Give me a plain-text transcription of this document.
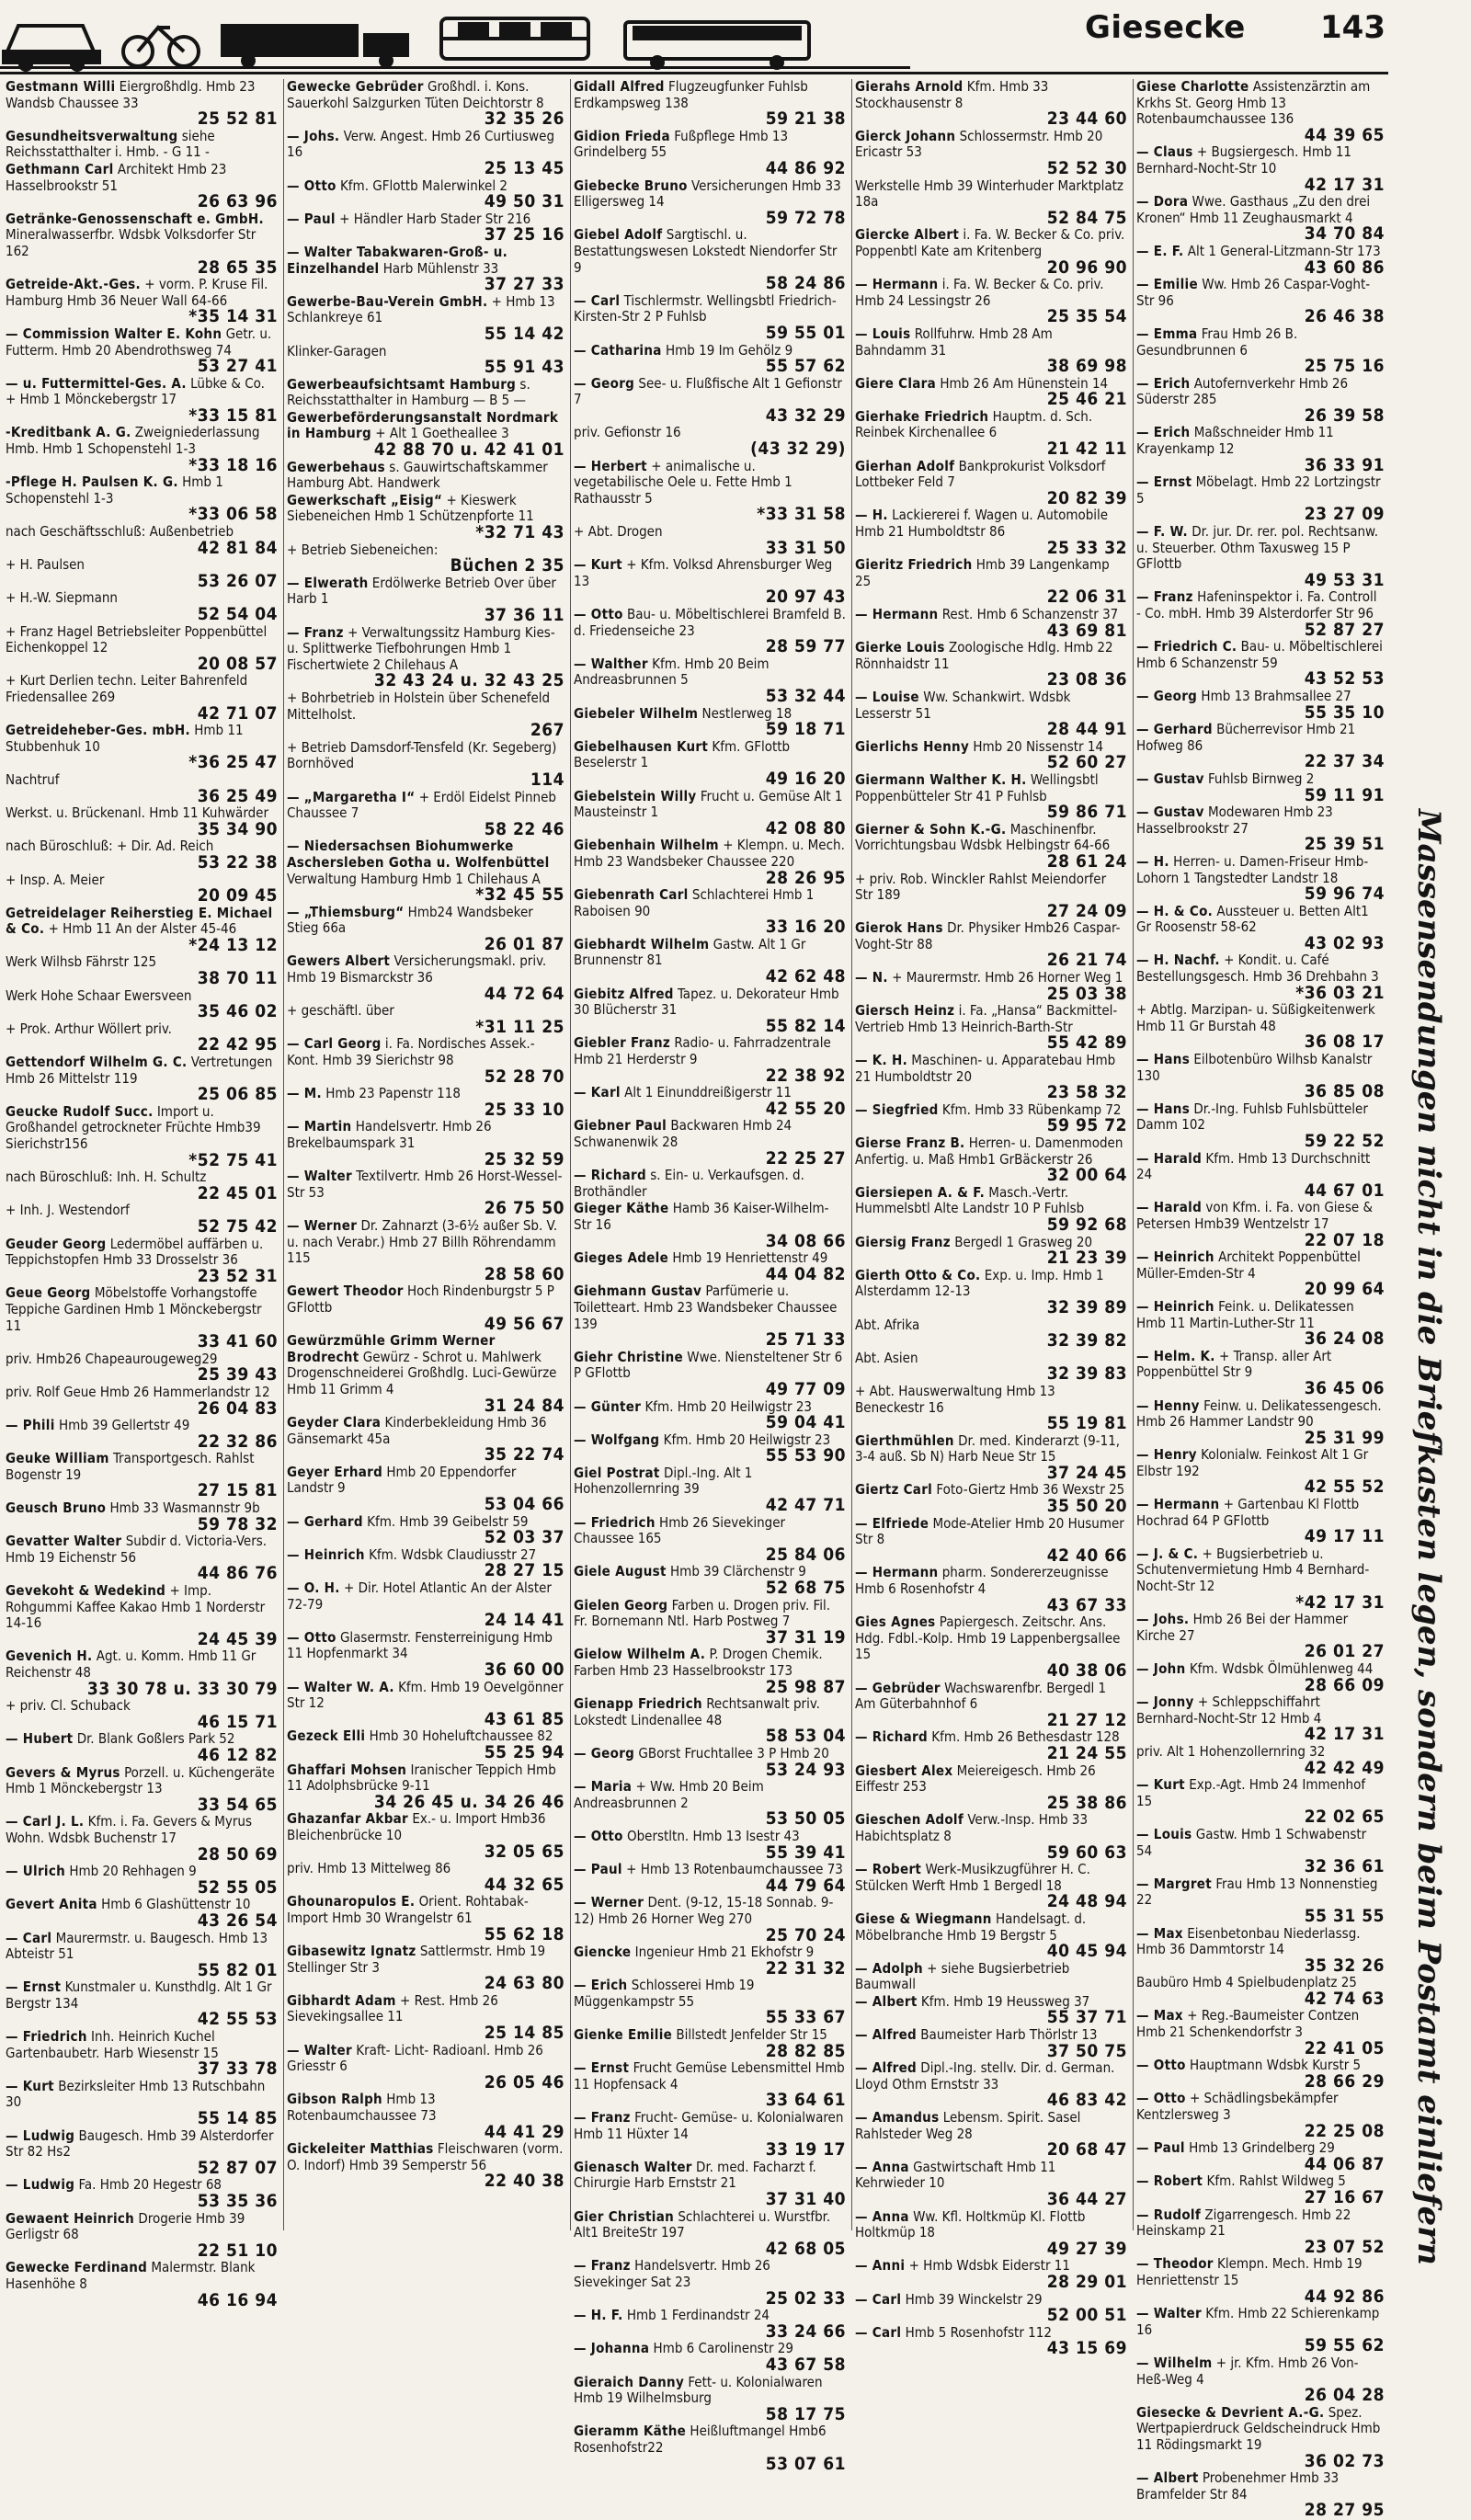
Giesecke 143
Gestmann Willi Eiergroßhdlg. Hmb 23 Wandsb Chaussee 33
25 52 81
Gesundheitsverwaltung siehe Reichsstatthalter i. Hmb. - G 11 -
Gethmann Carl Architekt Hmb 23 Hasselbrookstr 51
26 63 96
Getränke-Genossenschaft e. GmbH. Mineralwasserfbr. Wdsbk Volksdorfer Str 162
28 65 35
Getreide-Akt.-Ges. + vorm. P. Kruse Fil. Hamburg Hmb 36 Neuer Wall 64-66
*35 14 31
— Commission Walter E. Kohn Getr. u. Futterm. Hmb 20 Abendrothsweg 74
53 27 41
— u. Futtermittel-Ges. A. Lübke & Co. + Hmb 1 Mönckebergstr 17
*33 15 81
-Kreditbank A. G. Zweigniederlassung Hmb. Hmb 1 Schopenstehl 1-3
*33 18 16
-Pflege H. Paulsen K. G. Hmb 1 Schopenstehl 1-3
*33 06 58
nach Geschäftsschluß: Außenbetrieb
42 81 84
+ H. Paulsen
53 26 07
+ H.-W. Siepmann
52 54 04
+ Franz Hagel Betriebsleiter Poppenbüttel Eichenkoppel 12
20 08 57
+ Kurt Derlien techn. Leiter Bahrenfeld Friedensallee 269
42 71 07
Getreideheber-Ges. mbH. Hmb 11 Stubbenhuk 10
*36 25 47
Nachtruf
36 25 49
Werkst. u. Brückenanl. Hmb 11 Kuhwärder
35 34 90
nach Büroschluß: + Dir. Ad. Reich
53 22 38
+ Insp. A. Meier
20 09 45
Getreidelager Reiherstieg E. Michael & Co. + Hmb 11 An der Alster 45-46
*24 13 12
Werk Wilhsb Fährstr 125
38 70 11
Werk Hohe Schaar Ewersveen
35 46 02
+ Prok. Arthur Wöllert priv.
22 42 95
Gettendorf Wilhelm G. C. Vertretungen Hmb 26 Mittelstr 119
25 06 85
Geucke Rudolf Succ. Import u. Großhandel getrockneter Früchte Hmb39 Sierichstr156
*52 75 41
nach Büroschluß: Inh. H. Schultz
22 45 01
+ Inh. J. Westendorf
52 75 42
Geuder Georg Ledermöbel auffärben u. Teppichstopfen Hmb 33 Drosselstr 36
23 52 31
Geue Georg Möbelstoffe Vorhangstoffe Teppiche Gardinen Hmb 1 Mönckebergstr 11
33 41 60
priv. Hmb26 Chapeaurougeweg29
25 39 43
priv. Rolf Geue Hmb 26 Hammerlandstr 12
26 04 83
— Phili Hmb 39 Gellertstr 49
22 32 86
Geuke William Transportgesch. Rahlst Bogenstr 19
27 15 81
Geusch Bruno Hmb 33 Wasmannstr 9b
59 78 32
Gevatter Walter Subdir d. Victoria-Vers. Hmb 19 Eichenstr 56
44 86 76
Gevekoht & Wedekind + Imp. Rohgummi Kaffee Kakao Hmb 1 Norderstr 14-16
24 45 39
Gevenich H. Agt. u. Komm. Hmb 11 Gr Reichenstr 48
33 30 78 u. 33 30 79
+ priv. Cl. Schuback
46 15 71
— Hubert Dr. Blank Goßlers Park 52
46 12 82
Gevers & Myrus Porzell. u. Küchengeräte Hmb 1 Mönckebergstr 13
33 54 65
— Carl J. L. Kfm. i. Fa. Gevers & Myrus Wohn. Wdsbk Buchenstr 17
28 50 69
— Ulrich Hmb 20 Rehhagen 9
52 55 05
Gevert Anita Hmb 6 Glashüttenstr 10
43 26 54
— Carl Maurermstr. u. Baugesch. Hmb 13 Abteistr 51
55 82 01
— Ernst Kunstmaler u. Kunsthdlg. Alt 1 Gr Bergstr 134
42 55 53
— Friedrich Inh. Heinrich Kuchel Gartenbaubetr. Harb Wiesenstr 15
37 33 78
— Kurt Bezirksleiter Hmb 13 Rutschbahn 30
55 14 85
— Ludwig Baugesch. Hmb 39 Alsterdorfer Str 82 Hs2
52 87 07
— Ludwig Fa. Hmb 20 Hegestr 68
53 35 36
Gewaent Heinrich Drogerie Hmb 39 Gerligstr 68
22 51 10
Gewecke Ferdinand Malermstr. Blank Hasenhöhe 8
46 16 94
Gewecke Gebrüder Großhdl. i. Kons. Sauerkohl Salzgurken Tüten Deichtorstr 8
32 35 26
— Johs. Verw. Angest. Hmb 26 Curtiusweg 16
25 13 45
— Otto Kfm. GFlottb Malerwinkel 2
49 50 31
— Paul + Händler Harb Stader Str 216
37 25 16
— Walter Tabakwaren-Groß- u. Einzelhandel Harb Mühlenstr 33
37 27 33
Gewerbe-Bau-Verein GmbH. + Hmb 13 Schlankreye 61
55 14 42
Klinker-Garagen
55 91 43
Gewerbeaufsichtsamt Hamburg s. Reichsstatthalter in Hamburg — B 5 —
Gewerbeförderungsanstalt Nordmark in Hamburg + Alt 1 Goetheallee 3
42 88 70 u. 42 41 01
Gewerbehaus s. Gauwirtschaftskammer Hamburg Abt. Handwerk
Gewerkschaft „Eisig“ + Kieswerk Siebeneichen Hmb 1 Schützenpforte 11
*32 71 43
+ Betrieb Siebeneichen:
Büchen 2 35
— Elwerath Erdölwerke Betrieb Over über Harb 1
37 36 11
— Franz + Verwaltungssitz Hamburg Kies- u. Splittwerke Tiefbohrungen Hmb 1 Fischertwiete 2 Chilehaus A
32 43 24 u. 32 43 25
+ Bohrbetrieb in Holstein über Schenefeld Mittelholst.
267
+ Betrieb Damsdorf-Tensfeld (Kr. Segeberg) Bornhöved
114
— „Margaretha I“ + Erdöl Eidelst Pinneb Chaussee 7
58 22 46
— Niedersachsen Biohumwerke Aschersleben Gotha u. Wolfenbüttel Verwaltung Hamburg Hmb 1 Chilehaus A
*32 45 55
— „Thiemsburg“ Hmb24 Wandsbeker Stieg 66a
26 01 87
Gewers Albert Versicherungsmakl. priv. Hmb 19 Bismarckstr 36
44 72 64
+ geschäftl. über
*31 11 25
— Carl Georg i. Fa. Nordisches Assek.-Kont. Hmb 39 Sierichstr 98
52 28 70
— M. Hmb 23 Papenstr 118
25 33 10
— Martin Handelsvertr. Hmb 26 Brekelbaumspark 31
25 32 59
— Walter Textilvertr. Hmb 26 Horst-Wessel-Str 53
26 75 50
— Werner Dr. Zahnarzt (3-6½ außer Sb. V. u. nach Verabr.) Hmb 27 Billh Röhrendamm 115
28 58 60
Gewert Theodor Hoch Rindenburgstr 5 P GFlottb
49 56 67
Gewürzmühle Grimm Werner Brodrecht Gewürz - Schrot u. Mahlwerk Drogenschneiderei Großhdlg. Luci-Gewürze Hmb 11 Grimm 4
31 24 84
Geyder Clara Kinderbekleidung Hmb 36 Gänsemarkt 45a
35 22 74
Geyer Erhard Hmb 20 Eppendorfer Landstr 9
53 04 66
— Gerhard Kfm. Hmb 39 Geibelstr 59
52 03 37
— Heinrich Kfm. Wdsbk Claudiusstr 27
28 27 15
— O. H. + Dir. Hotel Atlantic An der Alster 72-79
24 14 41
— Otto Glasermstr. Fensterreinigung Hmb 11 Hopfenmarkt 34
36 60 00
— Walter W. A. Kfm. Hmb 19 Oevelgönner Str 12
43 61 85
Gezeck Elli Hmb 30 Hoheluftchaussee 82
55 25 94
Ghaffari Mohsen Iranischer Teppich Hmb 11 Adolphsbrücke 9-11
34 26 45 u. 34 26 46
Ghazanfar Akbar Ex.- u. Import Hmb36 Bleichenbrücke 10
32 05 65
priv. Hmb 13 Mittelweg 86
44 32 65
Ghounaropulos E. Orient. Rohtabak-Import Hmb 30 Wrangelstr 61
55 62 18
Gibasewitz Ignatz Sattlermstr. Hmb 19 Stellinger Str 3
24 63 80
Gibhardt Adam + Rest. Hmb 26 Sievekingsallee 11
25 14 85
— Walter Kraft- Licht- Radioanl. Hmb 26 Griesstr 6
26 05 46
Gibson Ralph Hmb 13 Rotenbaumchaussee 73
44 41 29
Gickeleiter Matthias Fleischwaren (vorm. O. Indorf) Hmb 39 Semperstr 56
22 40 38
Gidall Alfred Flugzeugfunker Fuhlsb Erdkampsweg 138
59 21 38
Gidion Frieda Fußpflege Hmb 13 Grindelberg 55
44 86 92
Giebecke Bruno Versicherungen Hmb 33 Elligersweg 14
59 72 78
Giebel Adolf Sargtischl. u. Bestattungswesen Lokstedt Niendorfer Str 9
58 24 86
— Carl Tischlermstr. Wellingsbtl Friedrich-Kirsten-Str 2 P Fuhlsb
59 55 01
— Catharina Hmb 19 Im Gehölz 9
55 57 62
— Georg See- u. Flußfische Alt 1 Gefionstr 7
43 32 29
priv. Gefionstr 16
(43 32 29)
— Herbert + animalische u. vegetabilische Oele u. Fette Hmb 1 Rathausstr 5
*33 31 58
+ Abt. Drogen
33 31 50
— Kurt + Kfm. Volksd Ahrensburger Weg 13
20 97 43
— Otto Bau- u. Möbeltischlerei Bramfeld B. d. Friedenseiche 23
28 59 77
— Walther Kfm. Hmb 20 Beim Andreasbrunnen 5
53 32 44
Giebeler Wilhelm Nestlerweg 18
59 18 71
Giebelhausen Kurt Kfm. GFlottb Beselerstr 1
49 16 20
Giebelstein Willy Frucht u. Gemüse Alt 1 Mausteinstr 1
42 08 80
Giebenhain Wilhelm + Klempn. u. Mech. Hmb 23 Wandsbeker Chaussee 220
28 26 95
Giebenrath Carl Schlachterei Hmb 1 Raboisen 90
33 16 20
Giebhardt Wilhelm Gastw. Alt 1 Gr Brunnenstr 81
42 62 48
Giebitz Alfred Tapez. u. Dekorateur Hmb 30 Blücherstr 31
55 82 14
Giebler Franz Radio- u. Fahrradzentrale Hmb 21 Herderstr 9
22 38 92
— Karl Alt 1 Einunddreißigerstr 11
42 55 20
Giebner Paul Backwaren Hmb 24 Schwanenwik 28
22 25 27
— Richard s. Ein- u. Verkaufsgen. d. Brothändler
Gieger Käthe Hamb 36 Kaiser-Wilhelm-Str 16
34 08 66
Gieges Adele Hmb 19 Henriettenstr 49
44 04 82
Giehmann Gustav Parfümerie u. Toiletteart. Hmb 23 Wandsbeker Chaussee 139
25 71 33
Giehr Christine Wwe. Niensteltener Str 6 P GFlottb
49 77 09
— Günter Kfm. Hmb 20 Heilwigstr 23
59 04 41
— Wolfgang Kfm. Hmb 20 Heilwigstr 23
55 53 90
Giel Postrat Dipl.-Ing. Alt 1 Hohenzollernring 39
42 47 71
— Friedrich Hmb 26 Sievekinger Chaussee 165
25 84 06
Giele August Hmb 39 Clärchenstr 9
52 68 75
Gielen Georg Farben u. Drogen priv. Fil. Fr. Bornemann Ntl. Harb Postweg 7
37 31 19
Gielow Wilhelm A. P. Drogen Chemik. Farben Hmb 23 Hasselbrookstr 173
25 98 87
Gienapp Friedrich Rechtsanwalt priv. Lokstedt Lindenallee 48
58 53 04
— Georg GBorst Fruchtallee 3 P Hmb 20
53 24 93
— Maria + Ww. Hmb 20 Beim Andreasbrunnen 2
53 50 05
— Otto Oberstltn. Hmb 13 Isestr 43
55 39 41
— Paul + Hmb 13 Rotenbaumchaussee 73
44 79 64
— Werner Dent. (9-12, 15-18 Sonnab. 9-12) Hmb 26 Horner Weg 270
25 70 24
Giencke Ingenieur Hmb 21 Ekhofstr 9
22 31 32
— Erich Schlosserei Hmb 19 Müggenkampstr 55
55 33 67
Gienke Emilie Billstedt Jenfelder Str 15
28 82 85
— Ernst Frucht Gemüse Lebensmittel Hmb 11 Hopfensack 4
33 64 61
— Franz Frucht- Gemüse- u. Kolonialwaren Hmb 11 Hüxter 14
33 19 17
Gienasch Walter Dr. med. Facharzt f. Chirurgie Harb Ernststr 21
37 31 40
Gier Christian Schlachterei u. Wurstfbr. Alt1 BreiteStr 197
42 68 05
— Franz Handelsvertr. Hmb 26 Sievekinger Sat 23
25 02 33
— H. F. Hmb 1 Ferdinandstr 24
33 24 66
— Johanna Hmb 6 Carolinenstr 29
43 67 58
Gieraich Danny Fett- u. Kolonialwaren Hmb 19 Wilhelmsburg
58 17 75
Gieramm Käthe Heißluftmangel Hmb6 Rosenhofstr22
53 07 61
Gierahs Arnold Kfm. Hmb 33 Stockhausenstr 8
23 44 60
Gierck Johann Schlossermstr. Hmb 20 Ericastr 53
52 52 30
Werkstelle Hmb 39 Winterhuder Marktplatz 18a
52 84 75
Giercke Albert i. Fa. W. Becker & Co. priv. Poppenbtl Kate am Kritenberg
20 96 90
— Hermann i. Fa. W. Becker & Co. priv. Hmb 24 Lessingstr 26
25 35 54
— Louis Rollfuhrw. Hmb 28 Am Bahndamm 31
38 69 98
Giere Clara Hmb 26 Am Hünenstein 14
25 46 21
Gierhake Friedrich Hauptm. d. Sch. Reinbek Kirchenallee 6
21 42 11
Gierhan Adolf Bankprokurist Volksdorf Lottbeker Feld 7
20 82 39
— H. Lackiererei f. Wagen u. Automobile Hmb 21 Humboldtstr 86
25 33 32
Gieritz Friedrich Hmb 39 Langenkamp 25
22 06 31
— Hermann Rest. Hmb 6 Schanzenstr 37
43 69 81
Gierke Louis Zoologische Hdlg. Hmb 22 Rönnhaidstr 11
23 08 36
— Louise Ww. Schankwirt. Wdsbk Lesserstr 51
28 44 91
Gierlichs Henny Hmb 20 Nissenstr 14
52 60 27
Giermann Walther K. H. Wellingsbtl Poppenbütteler Str 41 P Fuhlsb
59 86 71
Gierner & Sohn K.-G. Maschinenfbr. Vorrichtungsbau Wdsbk Helbingstr 64-66
28 61 24
+ priv. Rob. Winckler Rahlst Meiendorfer Str 189
27 24 09
Gierok Hans Dr. Physiker Hmb26 Caspar-Voght-Str 88
26 21 74
— N. + Maurermstr. Hmb 26 Horner Weg 1
25 03 38
Giersch Heinz i. Fa. „Hansa“ Backmittel-Vertrieb Hmb 13 Heinrich-Barth-Str
55 42 89
— K. H. Maschinen- u. Apparatebau Hmb 21 Humboldtstr 20
23 58 32
— Siegfried Kfm. Hmb 33 Rübenkamp 72
59 95 72
Gierse Franz B. Herren- u. Damenmoden Anfertig. u. Maß Hmb1 GrBäckerstr 26
32 00 64
Giersiepen A. & F. Masch.-Vertr. Hummelsbtl Alte Landstr 10 P Fuhlsb
59 92 68
Giersig Franz Bergedl 1 Grasweg 20
21 23 39
Gierth Otto & Co. Exp. u. Imp. Hmb 1 Alsterdamm 12-13
32 39 89
Abt. Afrika
32 39 82
Abt. Asien
32 39 83
+ Abt. Hauswerwaltung Hmb 13 Beneckestr 16
55 19 81
Gierthmühlen Dr. med. Kinderarzt (9-11, 3-4 auß. Sb N) Harb Neue Str 15
37 24 45
Giertz Carl Foto-Giertz Hmb 36 Wexstr 25
35 50 20
— Elfriede Mode-Atelier Hmb 20 Husumer Str 8
42 40 66
— Hermann pharm. Sondererzeugnisse Hmb 6 Rosenhofstr 4
43 67 33
Gies Agnes Papiergesch. Zeitschr. Ans. Hdg. Fdbl.-Kolp. Hmb 19 Lappenbergsallee 15
40 38 06
— Gebrüder Wachswarenfbr. Bergedl 1 Am Güterbahnhof 6
21 27 12
— Richard Kfm. Hmb 26 Bethesdastr 128
21 24 55
Giesbert Alex Meiereigesch. Hmb 26 Eiffestr 253
25 38 86
Gieschen Adolf Verw.-Insp. Hmb 33 Habichtsplatz 8
59 60 63
— Robert Werk-Musikzugführer H. C. Stülcken Werft Hmb 1 Bergedl 18
24 48 94
Giese & Wiegmann Handelsagt. d. Möbelbranche Hmb 19 Bergstr 5
40 45 94
— Adolph + siehe Bugsierbetrieb Baumwall
— Albert Kfm. Hmb 19 Heussweg 37
55 37 71
— Alfred Baumeister Harb Thörlstr 13
37 50 75
— Alfred Dipl.-Ing. stellv. Dir. d. German. Lloyd Othm Ernststr 33
46 83 42
— Amandus Lebensm. Spirit. Sasel Rahlsteder Weg 28
20 68 47
— Anna Gastwirtschaft Hmb 11 Kehrwieder 10
36 44 27
— Anna Ww. Kfl. Holtkmüp Kl. Flottb Holtkmüp 18
49 27 39
— Anni + Hmb Wdsbk Eiderstr 11
28 29 01
— Carl Hmb 39 Winckelstr 29
52 00 51
— Carl Hmb 5 Rosenhofstr 112
43 15 69
Giese Charlotte Assistenzärztin am Krkhs St. Georg Hmb 13 Rotenbaumchaussee 136
44 39 65
— Claus + Bugsiergesch. Hmb 11 Bernhard-Nocht-Str 10
42 17 31
— Dora Wwe. Gasthaus „Zu den drei Kronen“ Hmb 11 Zeughausmarkt 4
34 70 84
— E. F. Alt 1 General-Litzmann-Str 173
43 60 86
— Emilie Ww. Hmb 26 Caspar-Voght-Str 96
26 46 38
— Emma Frau Hmb 26 B. Gesundbrunnen 6
25 75 16
— Erich Autofernverkehr Hmb 26 Süderstr 285
26 39 58
— Erich Maßschneider Hmb 11 Krayenkamp 12
36 33 91
— Ernst Möbelagt. Hmb 22 Lortzingstr 5
23 27 09
— F. W. Dr. jur. Dr. rer. pol. Rechtsanw. u. Steuerber. Othm Taxusweg 15 P GFlottb
49 53 31
— Franz Hafeninspektor i. Fa. Controll - Co. mbH. Hmb 39 Alsterdorfer Str 96
52 87 27
— Friedrich C. Bau- u. Möbeltischlerei Hmb 6 Schanzenstr 59
43 52 53
— Georg Hmb 13 Brahmsallee 27
55 35 10
— Gerhard Bücherrevisor Hmb 21 Hofweg 86
22 37 34
— Gustav Fuhlsb Birnweg 2
59 11 91
— Gustav Modewaren Hmb 23 Hasselbrookstr 27
25 39 51
— H. Herren- u. Damen-Friseur Hmb-Lohorn 1 Tangstedter Landstr 18
59 96 74
— H. & Co. Aussteuer u. Betten Alt1 Gr Roosenstr 58-62
43 02 93
— H. Nachf. + Kondit. u. Café Bestellungsgesch. Hmb 36 Drehbahn 3
*36 03 21
+ Abtlg. Marzipan- u. Süßigkeitenwerk Hmb 11 Gr Burstah 48
36 08 17
— Hans Eilbotenbüro Wilhsb Kanalstr 130
36 85 08
— Hans Dr.-Ing. Fuhlsb Fuhlsbütteler Damm 102
59 22 52
— Harald Kfm. Hmb 13 Durchschnitt 24
44 67 01
— Harald von Kfm. i. Fa. von Giese & Petersen Hmb39 Wentzelstr 17
22 07 18
— Heinrich Architekt Poppenbüttel Müller-Emden-Str 4
20 99 64
— Heinrich Feink. u. Delikatessen Hmb 11 Martin-Luther-Str 11
36 24 08
— Helm. K. + Transp. aller Art Poppenbüttel Str 9
36 45 06
— Henny Feinw. u. Delikatessengesch. Hmb 26 Hammer Landstr 90
25 31 99
— Henry Kolonialw. Feinkost Alt 1 Gr Elbstr 192
42 55 52
— Hermann + Gartenbau Kl Flottb Hochrad 64 P GFlottb
49 17 11
— J. & C. + Bugsierbetrieb u. Schutenvermietung Hmb 4 Bernhard-Nocht-Str 12
*42 17 31
— Johs. Hmb 26 Bei der Hammer Kirche 27
26 01 27
— John Kfm. Wdsbk Ölmühlenweg 44
28 66 09
— Jonny + Schleppschiffahrt Bernhard-Nocht-Str 12 Hmb 4
42 17 31
priv. Alt 1 Hohenzollernring 32
42 42 49
— Kurt Exp.-Agt. Hmb 24 Immenhof 15
22 02 65
— Louis Gastw. Hmb 1 Schwabenstr 54
32 36 61
— Margret Frau Hmb 13 Nonnenstieg 22
55 31 55
— Max Eisenbetonbau Niederlassg. Hmb 36 Dammtorstr 14
35 32 26
Baubüro Hmb 4 Spielbudenplatz 25
42 74 63
— Max + Reg.-Baumeister Contzen Hmb 21 Schenkendorfstr 3
22 41 05
— Otto Hauptmann Wdsbk Kurstr 5
28 66 29
— Otto + Schädlingsbekämpfer Kentzlersweg 3
22 25 08
— Paul Hmb 13 Grindelberg 29
44 06 87
— Robert Kfm. Rahlst Wildweg 5
27 16 67
— Rudolf Zigarrengesch. Hmb 22 Heinskamp 21
23 07 52
— Theodor Klempn. Mech. Hmb 19 Henriettenstr 15
44 92 86
— Walter Kfm. Hmb 22 Schierenkamp 16
59 55 62
— Wilhelm + jr. Kfm. Hmb 26 Von-Heß-Weg 4
26 04 28
Giesecke & Devrient A.-G. Spez. Wertpapierdruck Geldscheindruck Hmb 11 Rödingsmarkt 19
36 02 73
— Albert Probenehmer Hmb 33 Bramfelder Str 84
28 27 95
Massensendungen nicht in die Briefkasten legen, sondern beim Postamt einliefern
